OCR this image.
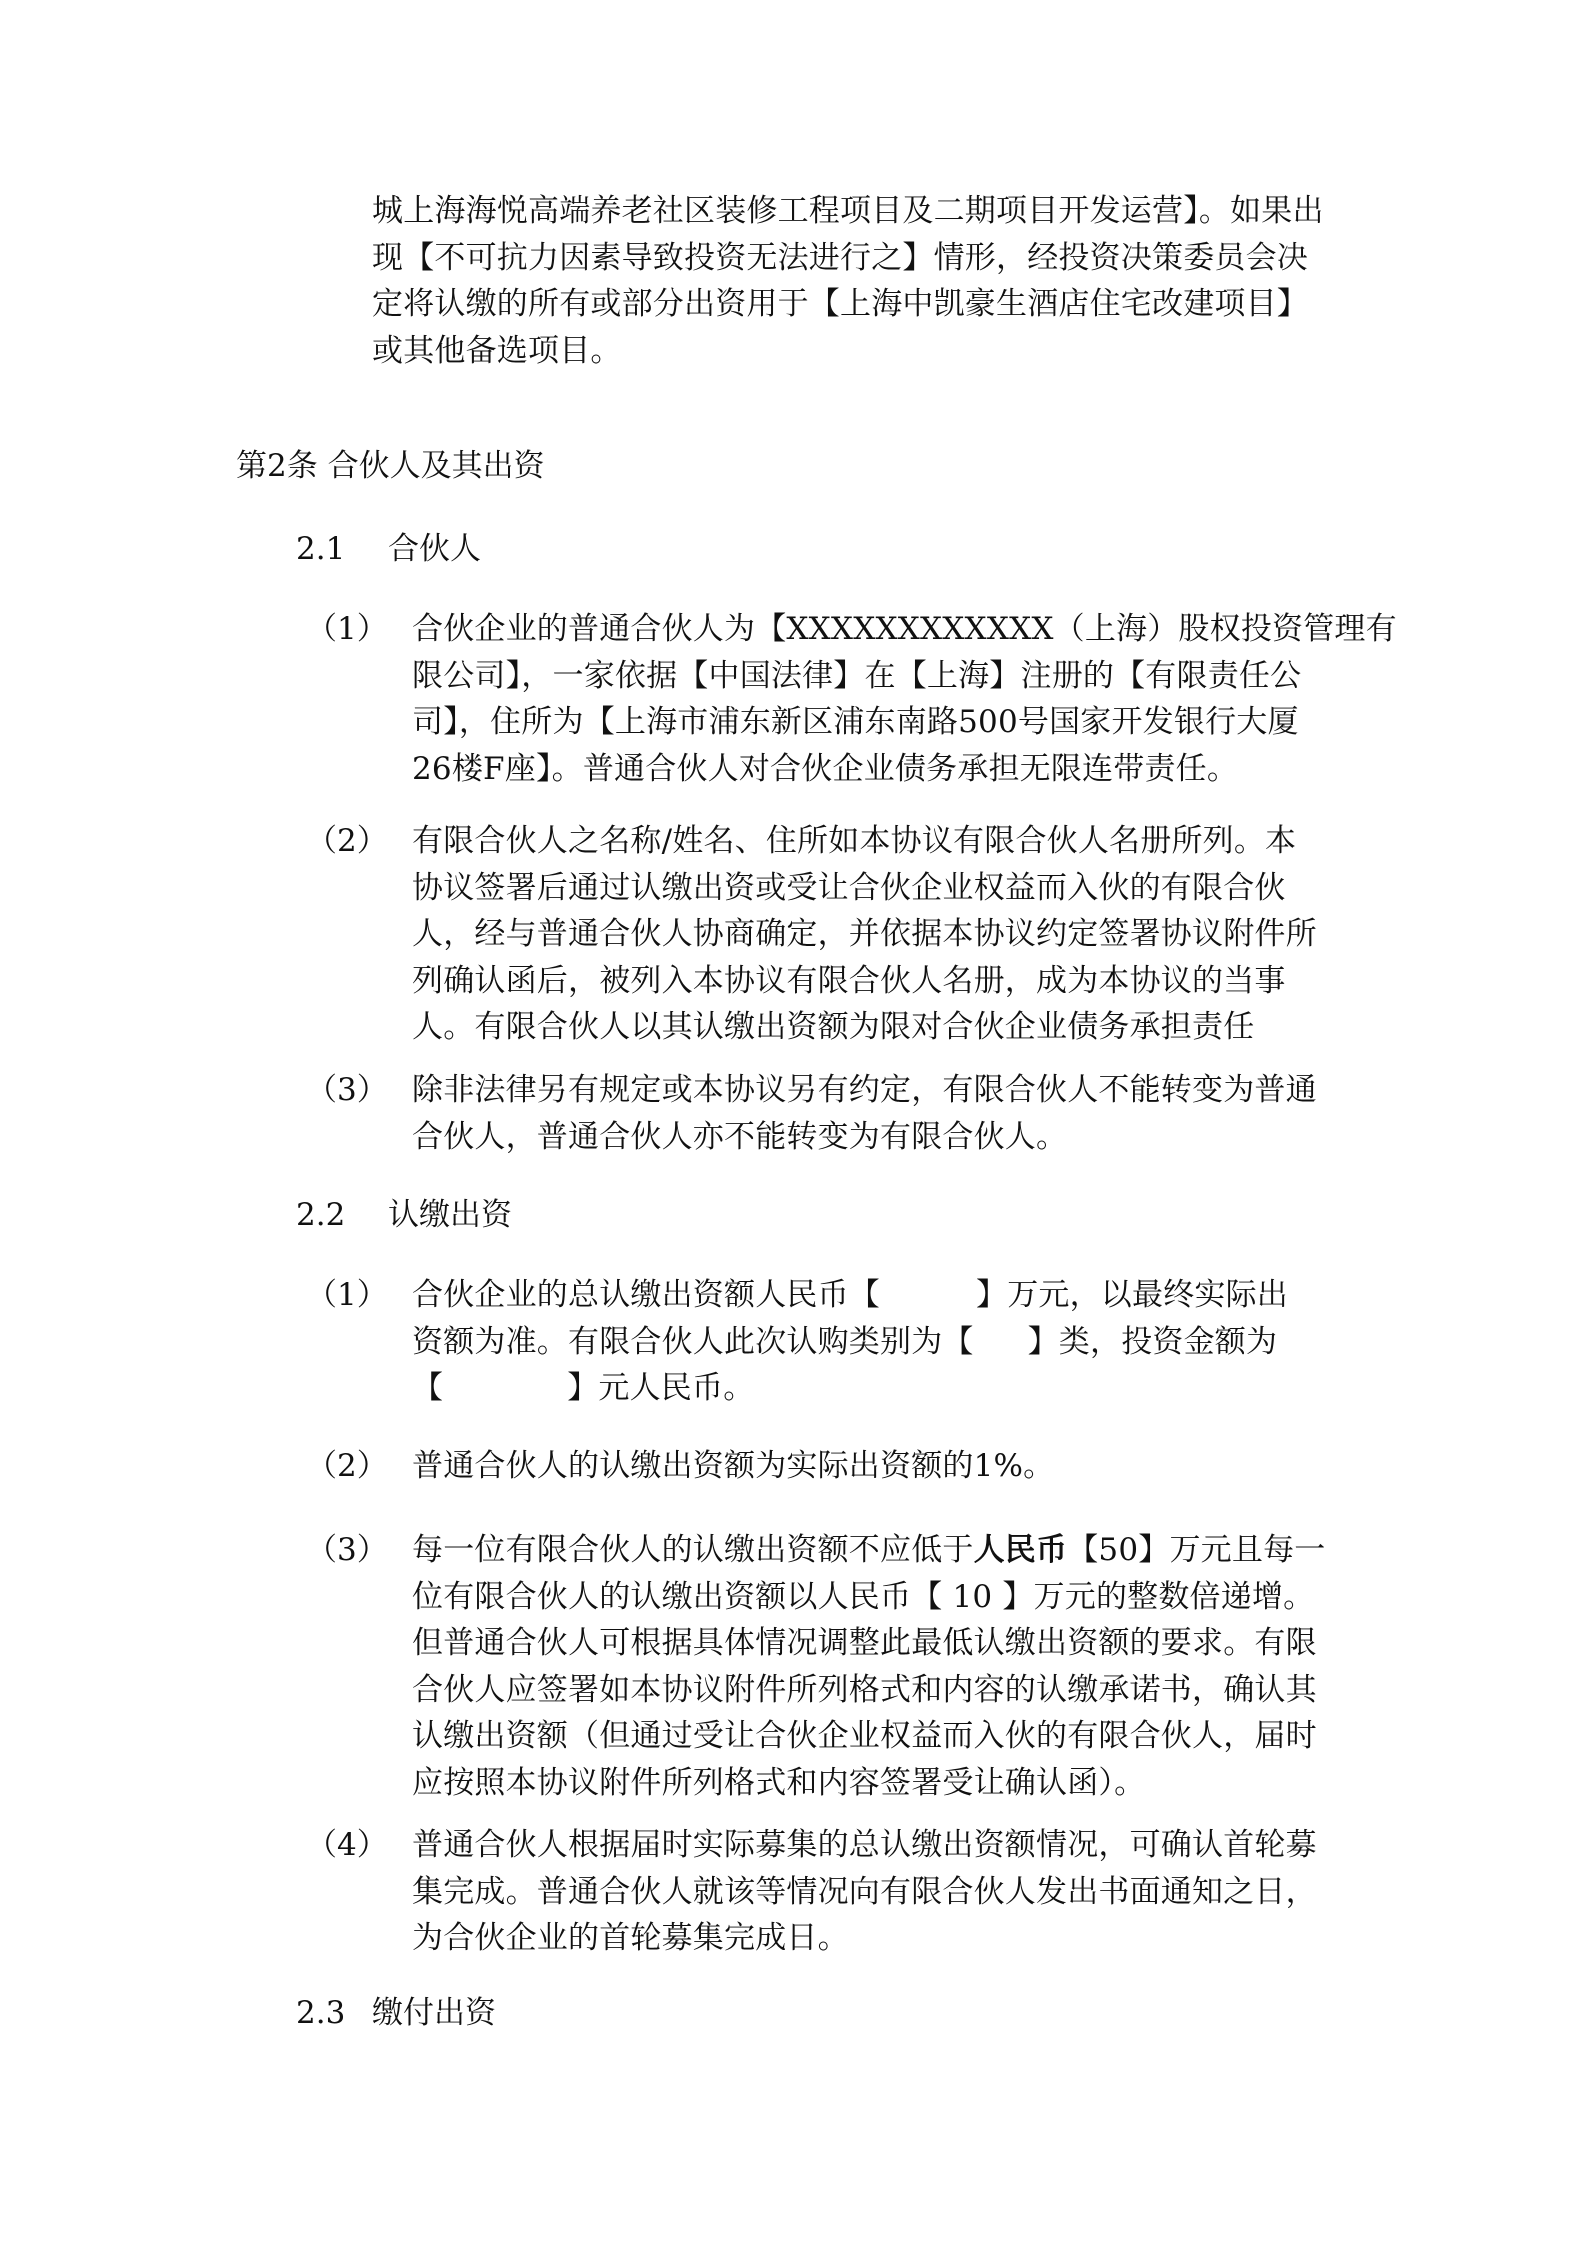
城上海海悦高端养老社区装修工程项目及二期项目开发运营】。如果出
现【不可抗力因素导致投资无法进行之】情形，经投资决策委员会决
定将认缴的所有或部分出资用于【上海中凯豪生酒店住宅改建项目】
或其他备选项目。
第2条 合伙人及其出资
2.1 合伙人
（1） 合伙企业的普通合伙人为【XXXXXXXXXXXX（上海）股权投资管理有
限公司】，一家依据【中国法律】在【上海】注册的【有限责任公
司】，住所为【上海市浦东新区浦东南路500号国家开发银行大厦
26楼F座】。普通合伙人对合伙企业债务承担无限连带责任。
（2） 有限合伙人之名称/姓名、住所如本协议有限合伙人名册所列。本
协议签署后通过认缴出资或受让合伙企业权益而入伙的有限合伙
人，经与普通合伙人协商确定，并依据本协议约定签署协议附件所
列确认函后，被列入本协议有限合伙人名册，成为本协议的当事
人。有限合伙人以其认缴出资额为限对合伙企业债务承担责任
（3） 除非法律另有规定或本协议另有约定，有限合伙人不能转变为普通
合伙人，普通合伙人亦不能转变为有限合伙人。
2.2 认缴出资
（1） 合伙企业的总认缴出资额人民币【	】万元，以最终实际出
资额为准。有限合伙人此次认购类别为【 】类，投资金额为
【	】元人民币。
（2） 普通合伙人的认缴出资额为实际出资额的1%。
（3） 每一位有限合伙人的认缴出资额不应低于人民币【50】万元且每一
位有限合伙人的认缴出资额以人民币【 10 】万元的整数倍递增。
但普通合伙人可根据具体情况调整此最低认缴出资额的要求。有限
合伙人应签署如本协议附件所列格式和内容的认缴承诺书，确认其
认缴出资额（但通过受让合伙企业权益而入伙的有限合伙人，届时
应按照本协议附件所列格式和内容签署受让确认函）。
（4） 普通合伙人根据届时实际募集的总认缴出资额情况，可确认首轮募
集完成。普通合伙人就该等情况向有限合伙人发出书面通知之日，
为合伙企业的首轮募集完成日。
2.3 缴付出资
